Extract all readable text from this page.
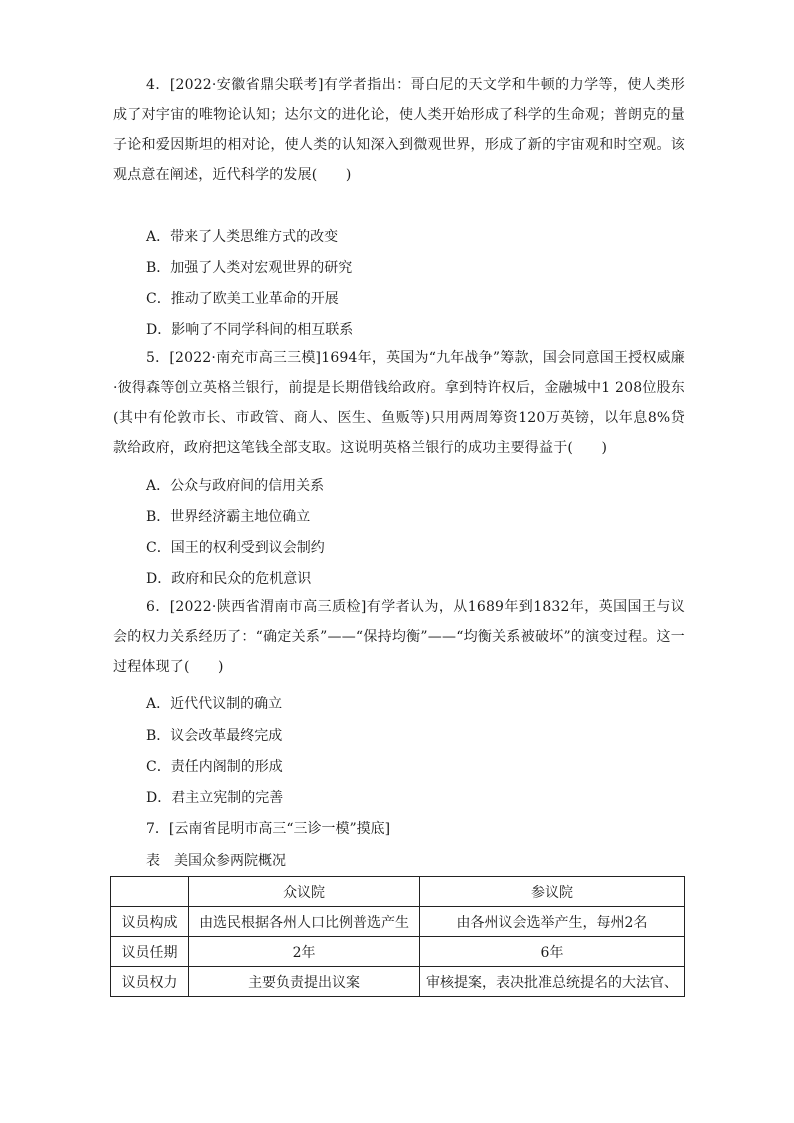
4．[2022·安徽省鼎尖联考]有学者指出：哥白尼的天文学和牛顿的力学等，使人类形成了对宇宙的唯物论认知；达尔文的进化论，使人类开始形成了科学的生命观；普朗克的量子论和爱因斯坦的相对论，使人类的认知深入到微观世界，形成了新的宇宙观和时空观。该观点意在阐述，近代科学的发展(　　)

A．带来了人类思维方式的改变

B．加强了人类对宏观世界的研究

C．推动了欧美工业革命的开展

D．影响了不同学科间的相互联系

5．[2022·南充市高三三模]1694年，英国为“九年战争”筹款，国会同意国王授权威廉·彼得森等创立英格兰银行，前提是长期借钱给政府。拿到特许权后，金融城中1 208位股东(其中有伦敦市长、市政管、商人、医生、鱼贩等)只用两周筹资120万英镑，以年息8%贷款给政府，政府把这笔钱全部支取。这说明英格兰银行的成功主要得益于(　　)

A．公众与政府间的信用关系

B．世界经济霸主地位确立

C．国王的权利受到议会制约

D．政府和民众的危机意识

6．[2022·陕西省渭南市高三质检]有学者认为，从1689年到1832年，英国国王与议会的权力关系经历了：“确定关系”——“保持均衡”——“均衡关系被破坏”的演变过程。这一过程体现了(　　)

A．近代代议制的确立

B．议会改革最终完成

C．责任内阁制的形成

D．君主立宪制的完善

7．[云南省昆明市高三“三诊一模”摸底]

表　美国众参两院概况

	众议院	参议院
议员构成	由选民根据各州人口比例普选产生	由各州议会选举产生，每州2名
议员任期	2年	6年
议员权力	主要负责提出议案	审核提案，表决批准总统提名的大法官、
